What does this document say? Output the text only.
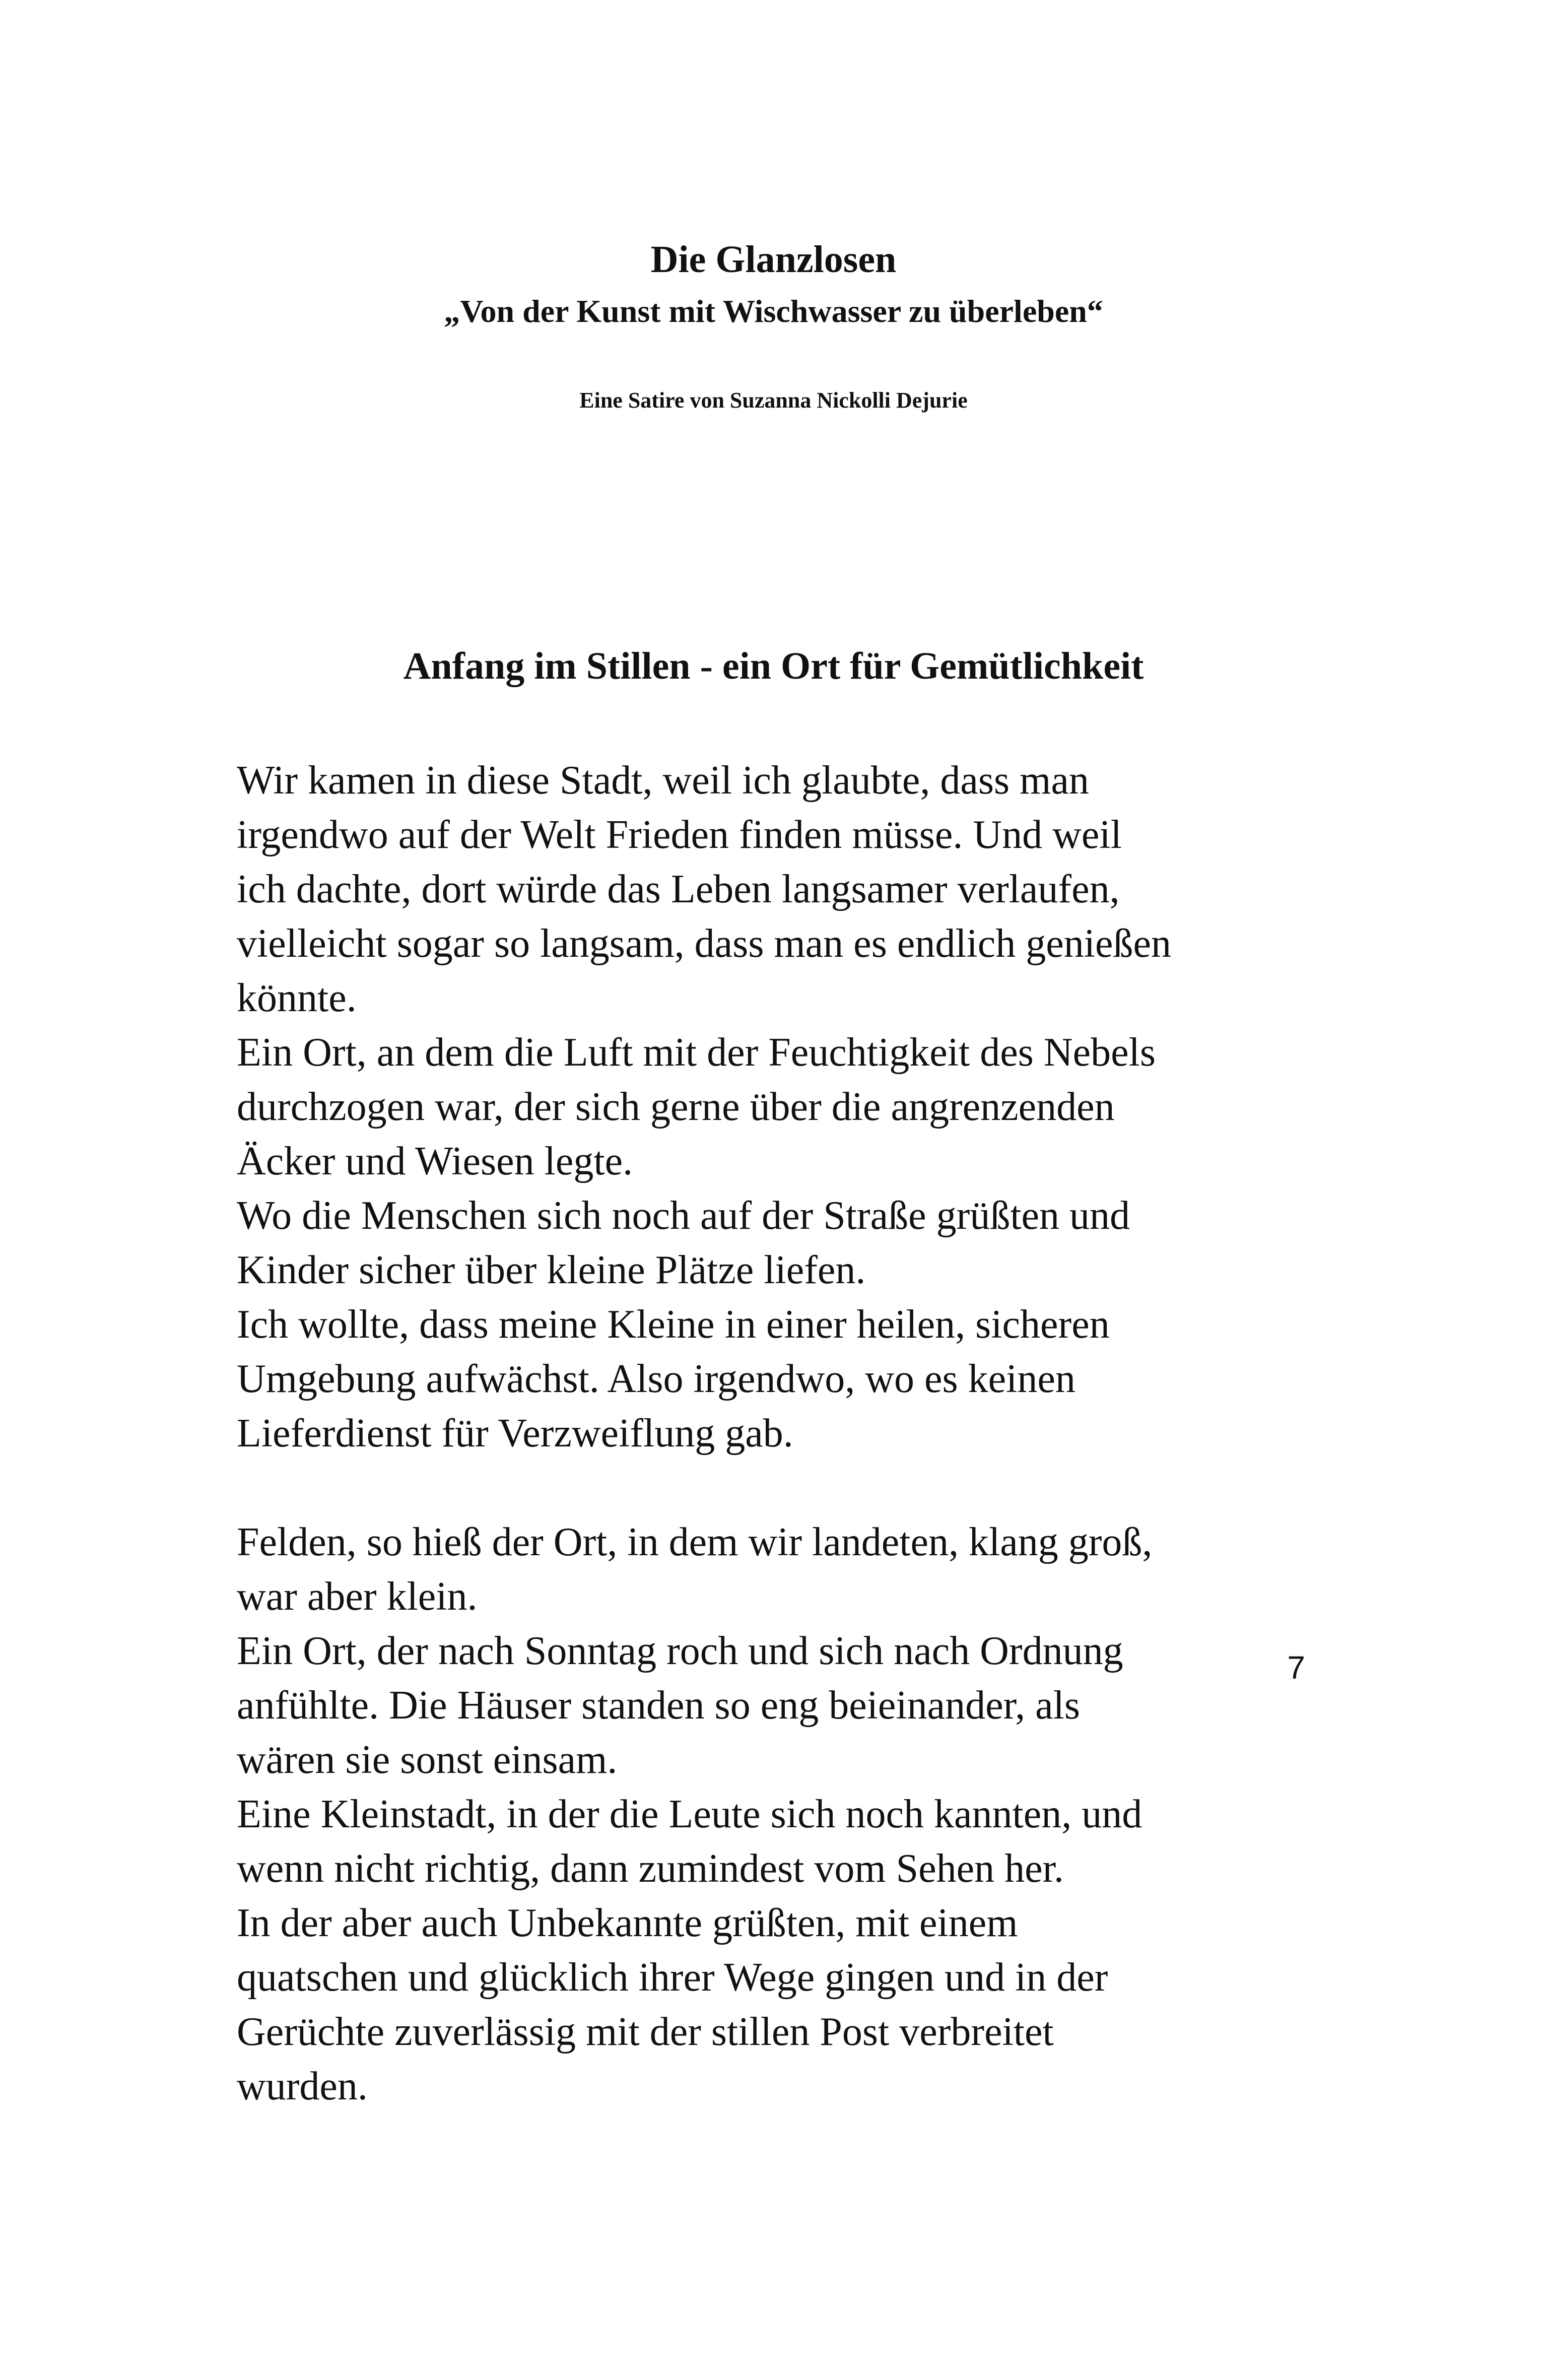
Die Glanzlosen
„Von der Kunst mit Wischwasser zu überleben“

Eine Satire von Suzanna Nickolli Dejurie

Anfang im Stillen - ein Ort für Gemütlichkeit

Wir kamen in diese Stadt, weil ich glaubte, dass man

irgendwo auf der Welt Frieden finden müsse. Und weil

ich dachte, dort würde das Leben langsamer verlaufen,

vielleicht sogar so langsam, dass man es endlich genießen

könnte.

Ein Ort, an dem die Luft mit der Feuchtigkeit des Nebels

durchzogen war, der sich gerne über die angrenzenden

Äcker und Wiesen legte.

Wo die Menschen sich noch auf der Straße grüßten und

Kinder sicher über kleine Plätze liefen.

Ich wollte, dass meine Kleine in einer heilen, sicheren

Umgebung aufwächst. Also irgendwo, wo es keinen

Lieferdienst für Verzweiflung gab.

Felden, so hieß der Ort, in dem wir landeten, klang groß,

war aber klein.

Ein Ort, der nach Sonntag roch und sich nach Ordnung

anfühlte. Die Häuser standen so eng beieinander, als

wären sie sonst einsam.

Eine Kleinstadt, in der die Leute sich noch kannten, und

wenn nicht richtig, dann zumindest vom Sehen her.

In der aber auch Unbekannte grüßten, mit einem

quatschen und glücklich ihrer Wege gingen und in der

Gerüchte zuverlässig mit der stillen Post verbreitet

wurden.

7
